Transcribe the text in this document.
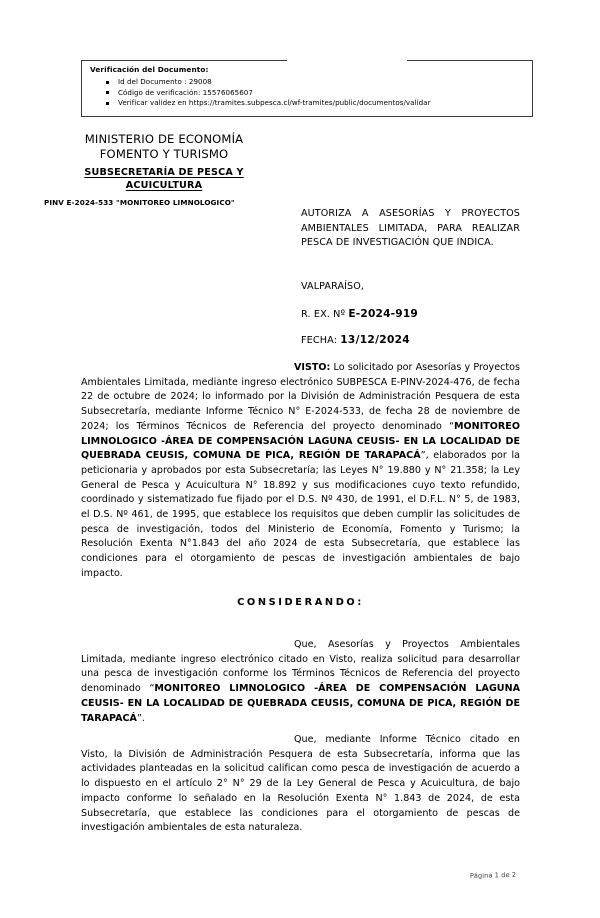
Verificación del Documento:
Id del Documento : 29008
Código de verificación: 15576065607
Verificar validez en https://tramites.subpesca.cl/wf-tramites/public/documentos/validar
MINISTERIO DE ECONOMÍA
FOMENTO Y TURISMO
SUBSECRETARÍA DE PESCA Y
ACUICULTURA
PINV E-2024-533 "MONITOREO LIMNOLOGICO"
AUTORIZA A ASESORÍAS Y PROYECTOS AMBIENTALES LIMITADA, PARA REALIZAR PESCA DE INVESTIGACIÓN QUE INDICA.
VALPARAÍSO,
R. EX. Nº E-2024-919
FECHA: 13/12/2024

VISTO: Lo solicitado por Asesorías y Proyectos Ambientales Limitada, mediante ingreso electrónico SUBPESCA E-PINV-2024-476, de fecha 22 de octubre de 2024; lo informado por la División de Administración Pesquera de esta Subsecretaría, mediante Informe Técnico N° E-2024-533, de fecha 28 de noviembre de 2024; los Términos Técnicos de Referencia del proyecto denominado “MONITOREO LIMNOLOGICO -ÁREA DE COMPENSACIÓN LAGUNA CEUSIS- EN LA LOCALIDAD DE QUEBRADA CEUSIS, COMUNA DE PICA, REGIÓN DE TARAPACÁ”, elaborados por la peticionaria y aprobados por esta Subsecretaría; las Leyes N° 19.880 y N° 21.358; la Ley General de Pesca y Acuicultura N° 18.892 y sus modificaciones cuyo texto refundido, coordinado y sistematizado fue fijado por el D.S. Nº 430, de 1991, el D.F.L. N° 5, de 1983, el D.S. Nº 461, de 1995, que establece los requisitos que deben cumplir las solicitudes de pesca de investigación, todos del Ministerio de Economía, Fomento y Turismo; la Resolución Exenta N°1.843 del año 2024 de esta Subsecretaría, que establece las condiciones para el otorgamiento de pescas de investigación ambientales de bajo impacto.

CONSIDERANDO:

Que, Asesorías y Proyectos Ambientales Limitada, mediante ingreso electrónico citado en Visto, realiza solicitud para desarrollar una pesca de investigación conforme los Términos Técnicos de Referencia del proyecto denominado “MONITOREO LIMNOLOGICO -ÁREA DE COMPENSACIÓN LAGUNA CEUSIS- EN LA LOCALIDAD DE QUEBRADA CEUSIS, COMUNA DE PICA, REGIÓN DE TARAPACÁ”.

Que, mediante Informe Técnico citado en Visto, la División de Administración Pesquera de esta Subsecretaría, informa que las actividades planteadas en la solicitud califican como pesca de investigación de acuerdo a lo dispuesto en el artículo 2° N° 29 de la Ley General de Pesca y Acuicultura, de bajo impacto conforme lo señalado en la Resolución Exenta N° 1.843 de 2024, de esta Subsecretaría, que establece las condiciones para el otorgamiento de pescas de investigación ambientales de esta naturaleza.

Página 1 de 2
